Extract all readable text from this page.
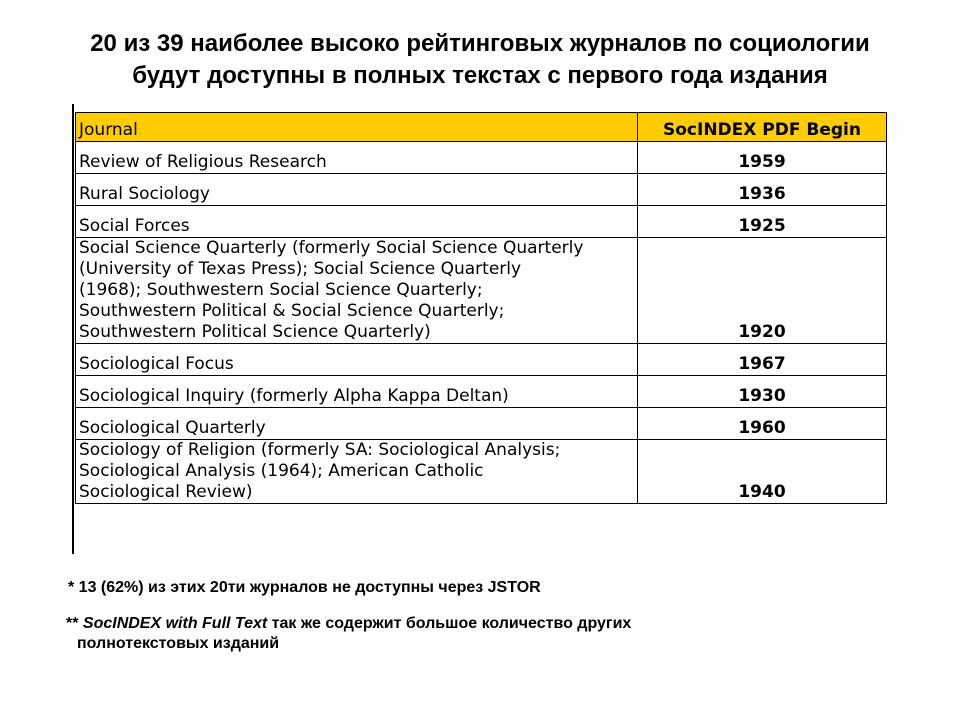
20 из 39 наиболее высоко рейтинговых журналов по социологии
будут доступны в полных текстах с первого года издания
Journal	SocINDEX PDF Begin
Review of Religious Research	1959
Rural Sociology	1936
Social Forces	1925
Social Science Quarterly (formerly Social Science Quarterly
(University of Texas Press); Social Science Quarterly
(1968); Southwestern Social Science Quarterly;
Southwestern Political & Social Science Quarterly;
Southwestern Political Science Quarterly)	1920
Sociological Focus	1967
Sociological Inquiry (formerly Alpha Kappa Deltan)	1930
Sociological Quarterly	1960
Sociology of Religion (formerly SA: Sociological Analysis;
Sociological Analysis (1964); American Catholic
Sociological Review)	1940

* 13 (62%) из этих 20ти журналов не доступны через JSTOR

** SocINDEX with Full Text так же содержит большое количество других
полнотекстовых изданий
